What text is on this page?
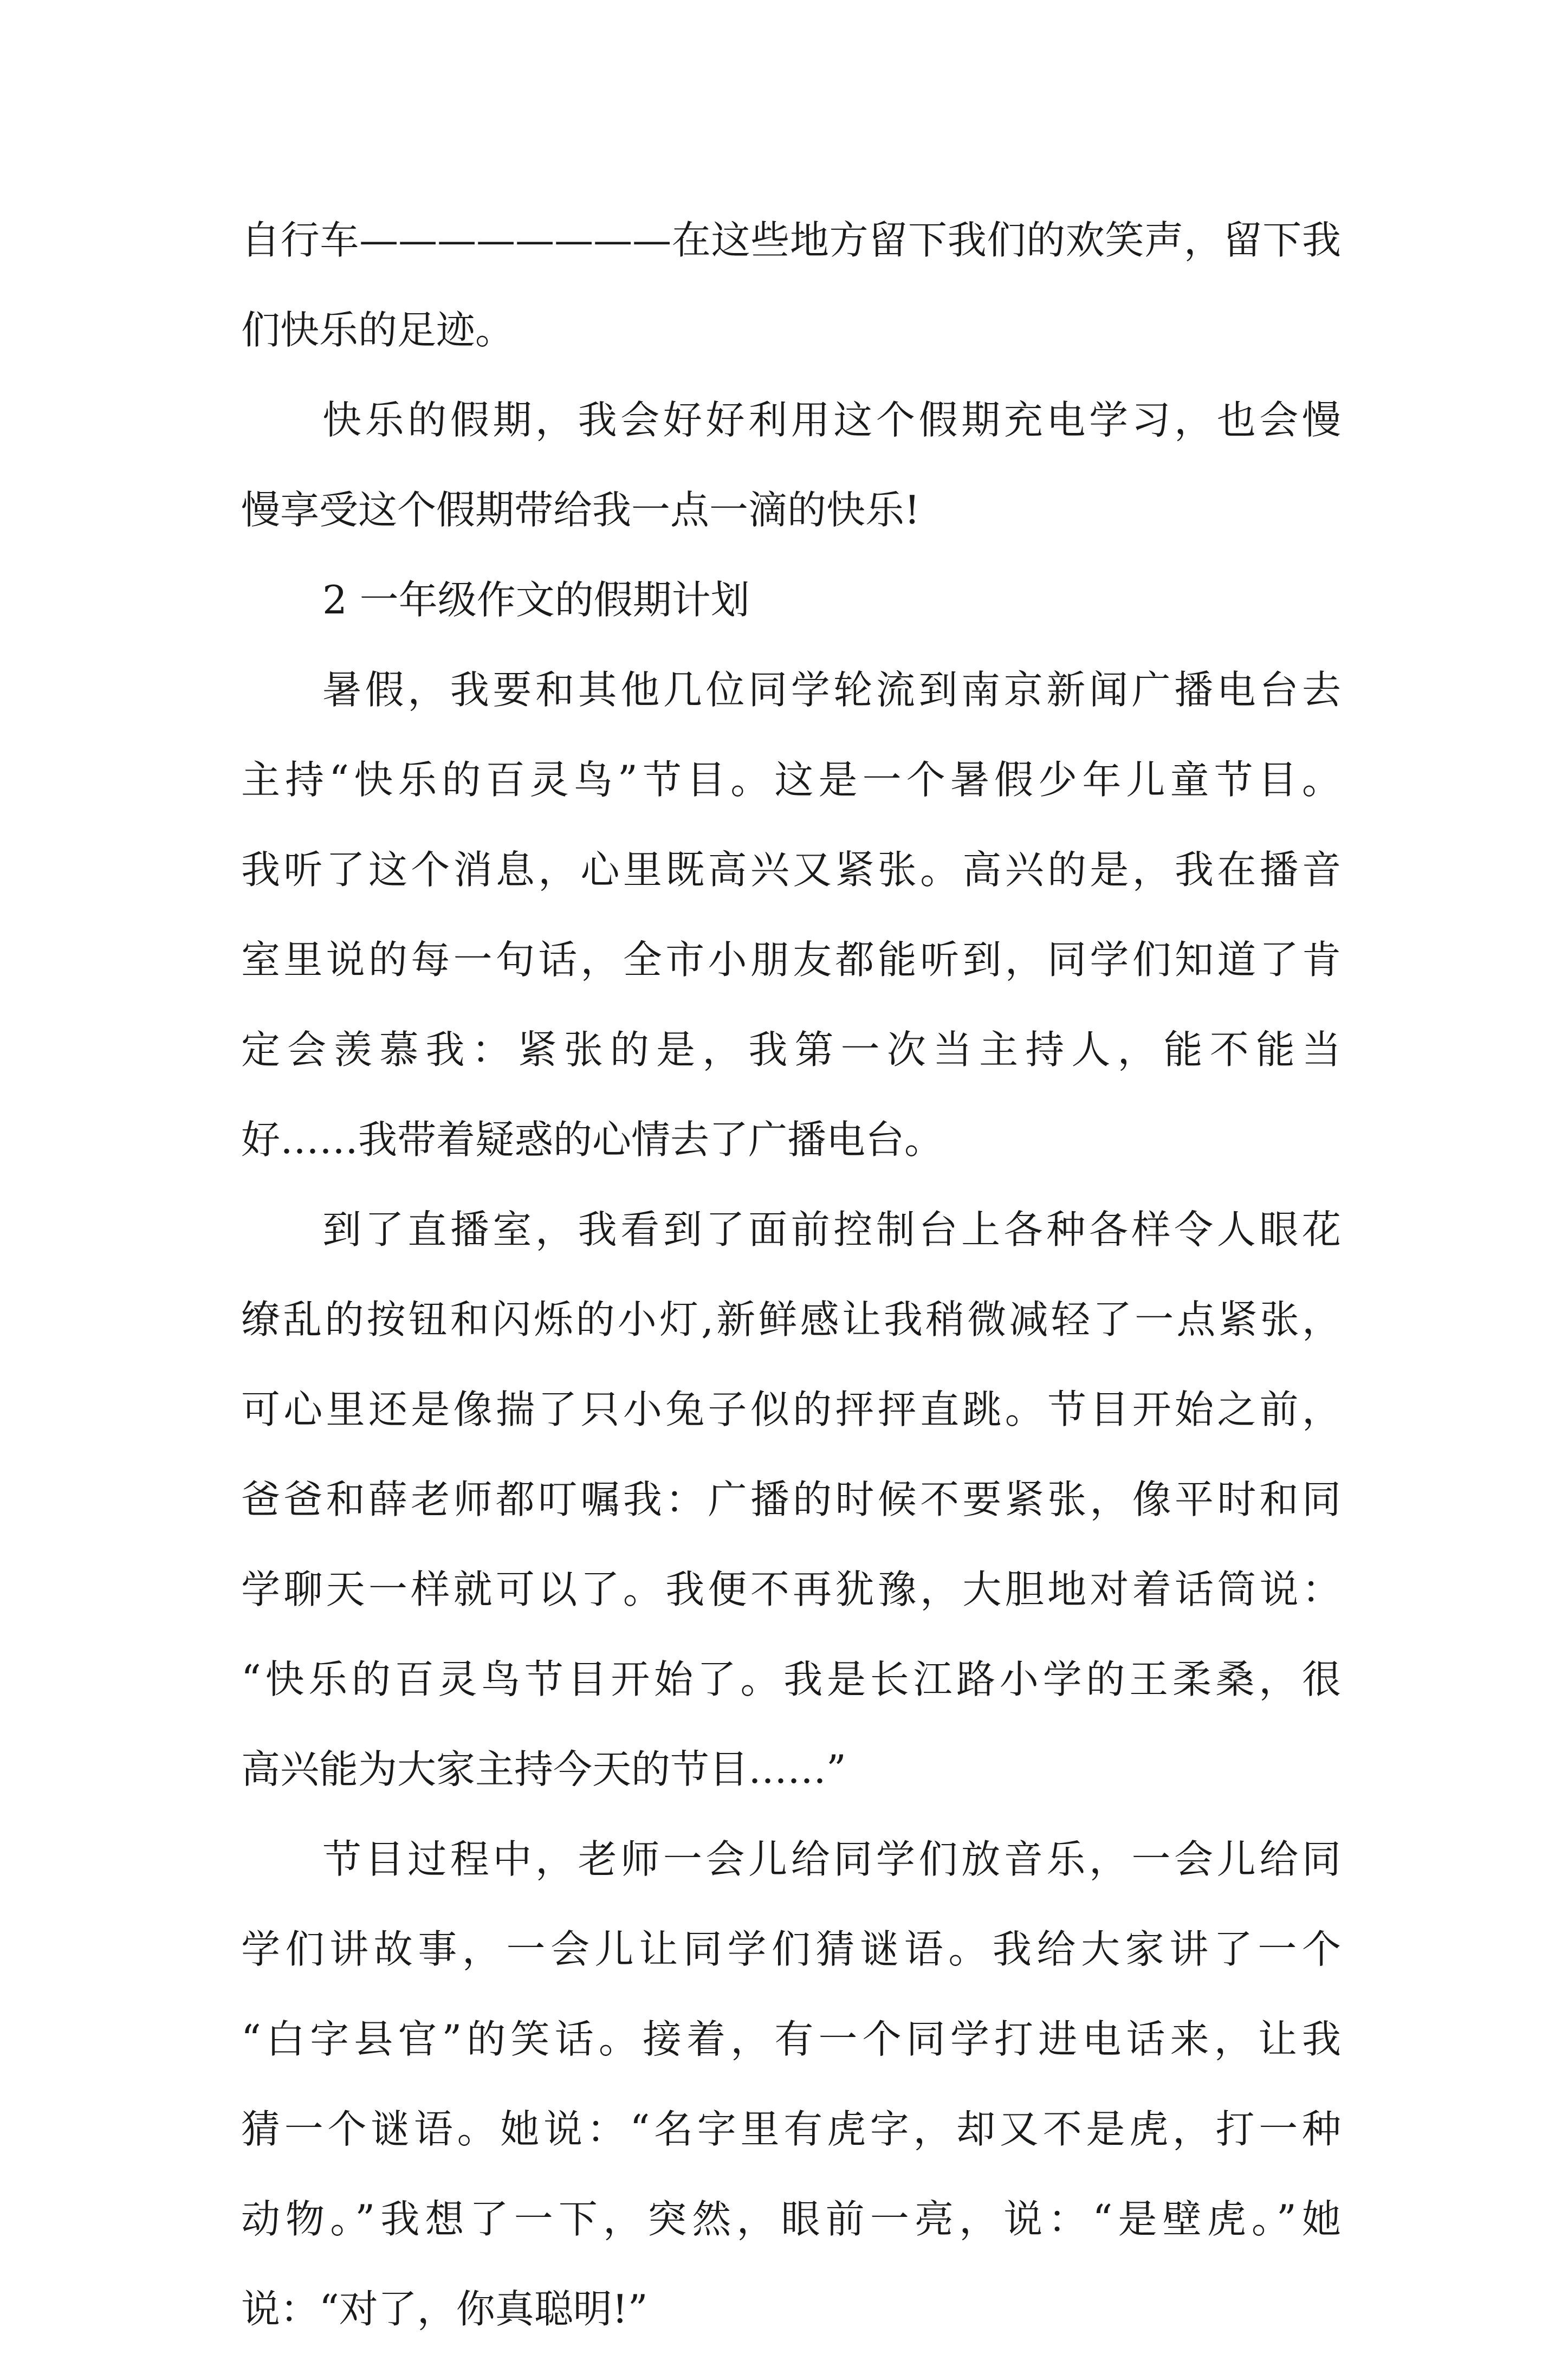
自行车————————在这些地方留下我们的欢笑声，留下我
们快乐的足迹。
快乐的假期，我会好好利用这个假期充电学习，也会慢
慢享受这个假期带给我一点一滴的快乐!
2 一年级作文的假期计划
暑假，我要和其他几位同学轮流到南京新闻广播电台去
主持“快乐的百灵鸟”节目。这是一个暑假少年儿童节目。
我听了这个消息，心里既高兴又紧张。高兴的是，我在播音
室里说的每一句话，全市小朋友都能听到，同学们知道了肯
定会羡慕我：紧张的是，我第一次当主持人，能不能当
好……我带着疑惑的心情去了广播电台。
到了直播室，我看到了面前控制台上各种各样令人眼花
缭乱的按钮和闪烁的小灯,新鲜感让我稍微减轻了一点紧张，
可心里还是像揣了只小兔子似的抨抨直跳。节目开始之前，
爸爸和薛老师都叮嘱我：广播的时候不要紧张，像平时和同
学聊天一样就可以了。我便不再犹豫，大胆地对着话筒说：
“快乐的百灵鸟节目开始了。我是长江路小学的王柔桑，很
高兴能为大家主持今天的节目……”
节目过程中，老师一会儿给同学们放音乐，一会儿给同
学们讲故事，一会儿让同学们猜谜语。我给大家讲了一个
“白字县官”的笑话。接着，有一个同学打进电话来，让我
猜一个谜语。她说：“名字里有虎字，却又不是虎，打一种
动物。”我想了一下，突然，眼前一亮，说：“是壁虎。”她
说：“对了，你真聪明!”
